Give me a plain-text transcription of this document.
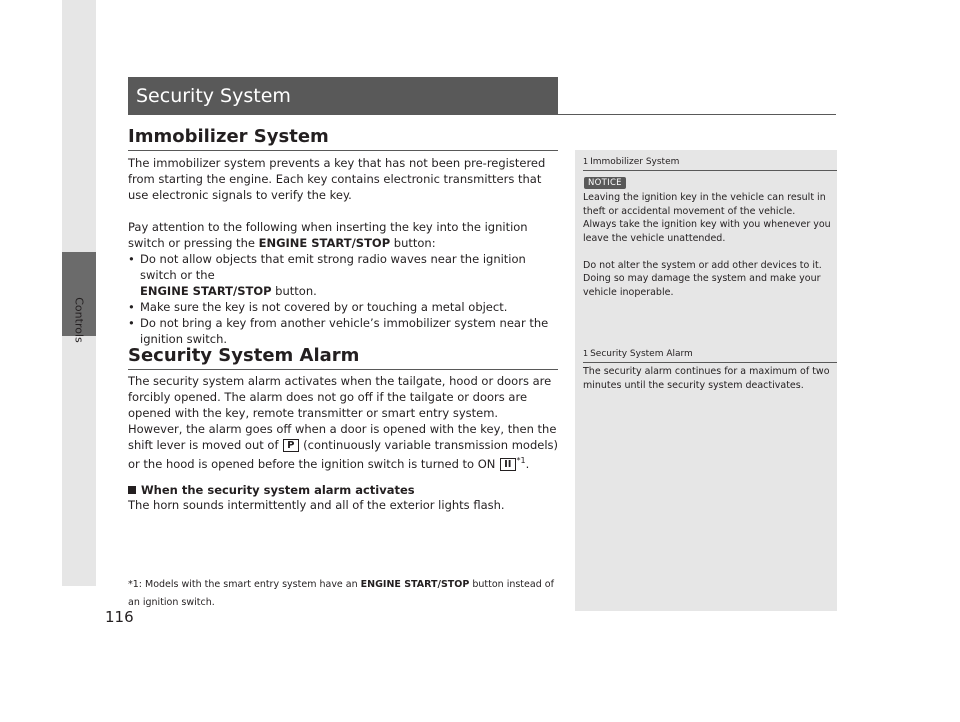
Controls
116
Security System
Immobilizer System

The immobilizer system prevents a key that has not been pre-registered from starting the engine. Each key contains electronic transmitters that use electronic signals to verify the key.

Pay attention to the following when inserting the key into the ignition switch or pressing the ENGINE START/STOP button:

• Do not allow objects that emit strong radio waves near the ignition switch or the
ENGINE START/STOP button.

• Make sure the key is not covered by or touching a metal object.

• Do not bring a key from another vehicle’s immobilizer system near the ignition switch.

Security System Alarm

The security system alarm activates when the tailgate, hood or doors are forcibly opened. The alarm does not go off if the tailgate or doors are opened with the key, remote transmitter or smart entry system.

However, the alarm goes off when a door is opened with the key, then the shift lever is moved out of P (continuously variable transmission models) or the hood is opened before the ignition switch is turned to ON II $^{*1}$.

When the security system alarm activates
The horn sounds intermittently and all of the exterior lights flash.
*1: Models with the smart entry system have an ENGINE START/STOP button instead of an ignition switch.
1 Immobilizer System
NOTICE

Leaving the ignition key in the vehicle can result in theft or accidental movement of the vehicle.

Always take the ignition key with you whenever you leave the vehicle unattended.

Do not alter the system or add other devices to it. Doing so may damage the system and make your vehicle inoperable.

1 Security System Alarm

The security alarm continues for a maximum of two minutes until the security system deactivates.
